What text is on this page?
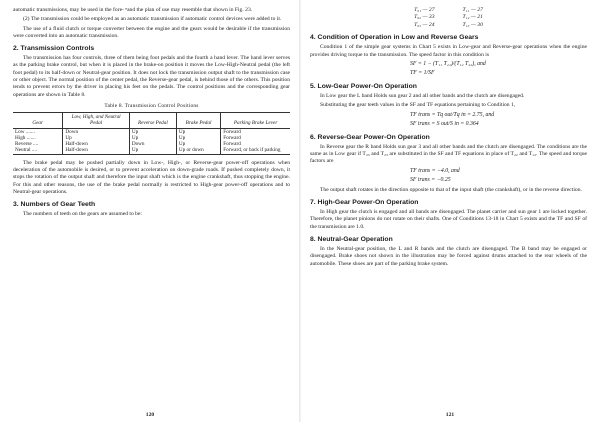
automatic transmissions, may be used in the fore- ⁿand the plan of use may resemble that shown in Fig. 23.

(2) The transmission could be employed as an automatic transmission if automatic control devices were added to it.

The use of a fluid clutch or torque converter between the engine and the gears would be desirable if the transmission were converted into an automatic transmission.

2. Transmission Controls

The transmission has four controls, three of them being foot pedals and the fourth a hand lever. The hand lever serves as the parking brake control, but when it is placed in the brake-on position it moves the Low-High-Neutral pedal (the left foot pedal) to its half-down or Neutral-gear position. It does not lock the transmission output shaft to the transmission case or other object. The normal position of the center pedal, the Reverse-gear pedal, is behind those of the others. This position tends to prevent errors by the driver in placing his feet on the pedals. The control positions and the corresponding gear operations are shown in Table 8.

Table 8. Transmission Control Positions
Gear	Low, High, and Neutral Pedal	Reverse Pedal	Brake Pedal	Parking Brake Lever
Low .......	Down	Up	Up	Forward
High .......	Up	Up	Up	Forward
Reverse ....	Half-down	Down	Up	Forward
Neutral ....	Half-down	Up	Up or down	Forward, or back if parking

The brake pedal may be pushed partially down in Low-, High-, or Reverse-gear power-off operations when deceleration of the automobile is desired, or to prevent acceleration on down-grade roads. If pushed completely down, it stops the rotation of the output shaft and therefore the input shaft which is the engine crankshaft, thus stopping the engine. For this and other reasons, the use of the brake pedal normally is restricted to High-gear power-off operations and to Neutral-gear operations.

3. Numbers of Gear Teeth

The numbers of teeth on the gears are assumed to be:

120
T₀₁ — 27
T₀₂ — 33
T₀₃ — 24
T₁₁ — 27
T₁₂ — 21
T₁₃ — 30
4. Condition of Operation in Low and Reverse Gears

Condition 1 of the simple gear systems in Chart 5 exists in Low-gear and Reverse-gear operations when the engine provides driving torque to the transmission. The speed factor in this condition is

SF = 1 − (T₁₁ T₂₁)/(T₁₂ T₂₂), and
TF = 1/SF
5. Low-Gear Power-On Operation

In Low gear the L band Holds sun gear 2 and all other bands and the clutch are disengaged.

Substituting the gear teeth values in the SF and TF equations pertaining to Condition 1,

TF trans = Tq out/Tq in = 2.75, and
SF trans = S out/S in = 0.364
6. Reverse-Gear Power-On Operation

In Reverse gear the R band Holds sun gear 3 and all other bands and the clutch are disengaged. The conditions are the same as in Low gear if T₃₃ and T₂₃ are substituted in the SF and TF equations in place of T₂₂ and T₁₂. The speed and torque factors are

TF trans = −4.0, and
SF trans = −0.25

The output shaft rotates in the direction opposite to that of the input shaft (the crankshaft), or in the reverse direction.

7. High-Gear Power-On Operation

In High gear the clutch is engaged and all bands are disengaged. The planet carrier and sun gear 1 are locked together. Therefore, the planet pinions do not rotate on their shafts. One of Conditions 13-18 in Chart 5 exists and the TF and SF of the transmission are 1.0.

8. Neutral-Gear Operation

In the Neutral-gear position, the L and R bands and the clutch are disengaged. The B band may be engaged or disengaged. Brake shoes not shown in the illustration may be forced against drums attached to the rear wheels of the automobile. These shoes are part of the parking brake system.

121
